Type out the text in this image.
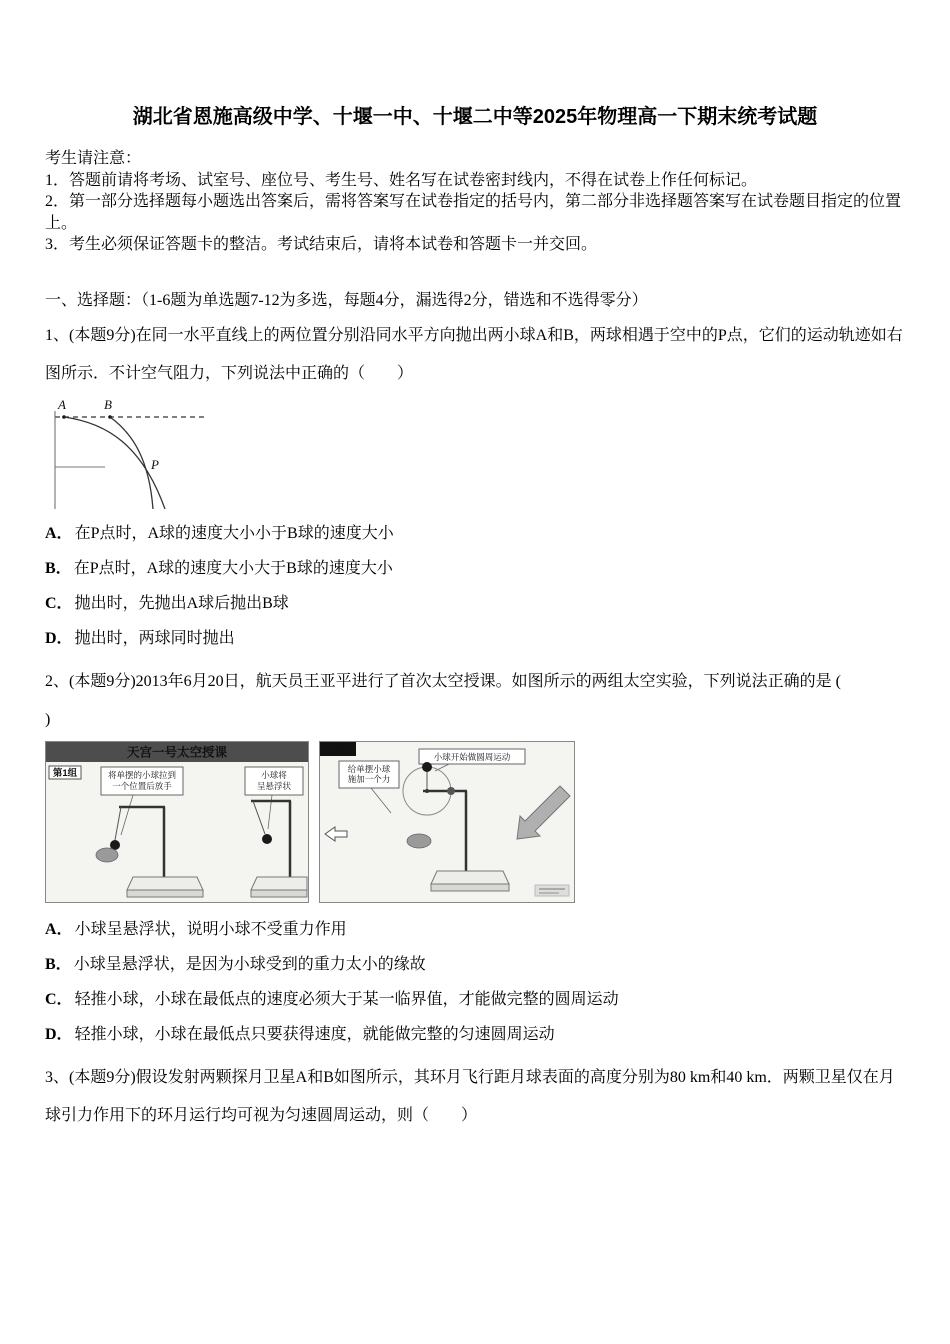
湖北省恩施高级中学、十堰一中、十堰二中等2025年物理高一下期末统考试题
考生请注意：
1．答题前请将考场、试室号、座位号、考生号、姓名写在试卷密封线内，不得在试卷上作任何标记。
2．第一部分选择题每小题选出答案后，需将答案写在试卷指定的括号内，第二部分非选择题答案写在试卷题目指定的位置上。
3．考生必须保证答题卡的整洁。考试结束后，请将本试卷和答题卡一并交回。
一、选择题：（1-6题为单选题7-12为多选，每题4分，漏选得2分，错选和不选得零分）
1、(本题9分)在同一水平直线上的两位置分别沿同水平方向抛出两小球A和B，两球相遇于空中的P点，它们的运动轨迹如右图所示．不计空气阻力，下列说法中正确的（　　）
A	B
P
A． 在P点时，A球的速度大小小于B球的速度大小
B． 在P点时，A球的速度大小大于B球的速度大小
C． 抛出时，先抛出A球后抛出B球
D． 抛出时，两球同时抛出
2、(本题9分)2013年6月20日，航天员王亚平进行了首次太空授课。如图所示的两组太空实验，下列说法正确的是 (
)
天宫一号太空授课
第1组	将单摆的小球拉到
一个位置后放手
小球将
呈悬浮状
第2组
给单摆小球
施加一个力
小球开始做圆周运动
A． 小球呈悬浮状，说明小球不受重力作用
B． 小球呈悬浮状，是因为小球受到的重力太小的缘故
C． 轻推小球，小球在最低点的速度必须大于某一临界值，才能做完整的圆周运动
D． 轻推小球，小球在最低点只要获得速度，就能做完整的匀速圆周运动
3、(本题9分)假设发射两颗探月卫星A和B如图所示，其环月飞行距月球表面的高度分别为80 km和40 km．两颗卫星仅在月球引力作用下的环月运行均可视为匀速圆周运动，则（　　）
